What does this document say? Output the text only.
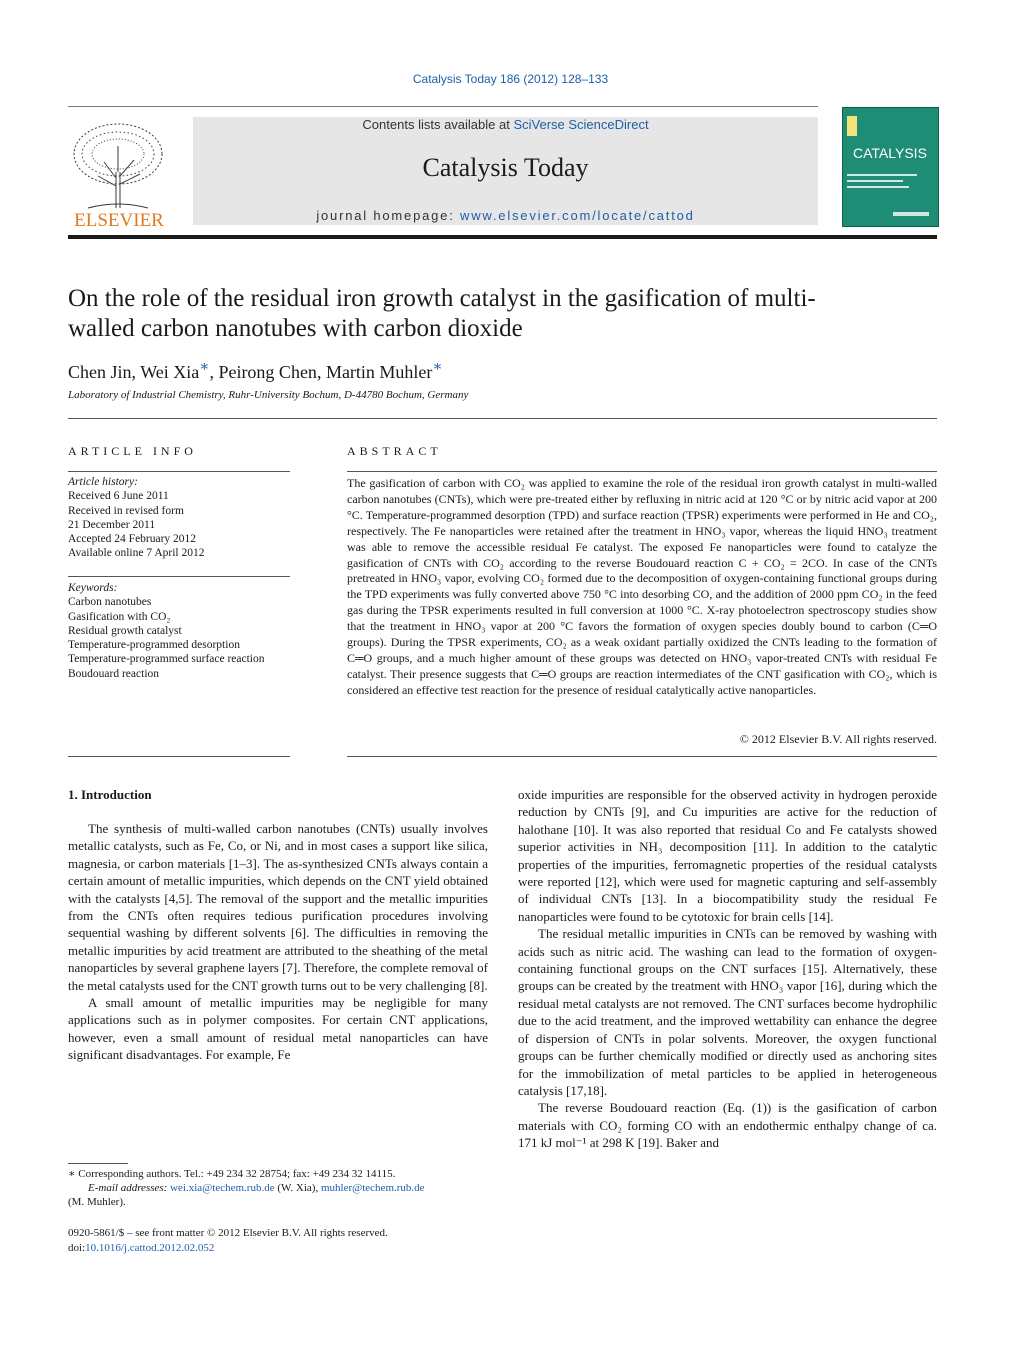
Catalysis Today 186 (2012) 128–133
ELSEVIER
Contents lists available at SciVerse ScienceDirect
Catalysis Today
journal homepage: www.elsevier.com/locate/cattod
CATALYSIS
On the role of the residual iron growth catalyst in the gasification of multi-walled carbon nanotubes with carbon dioxide
Chen Jin, Wei Xia∗, Peirong Chen, Martin Muhler∗
Laboratory of Industrial Chemistry, Ruhr-University Bochum, D-44780 Bochum, Germany
ARTICLE INFO
Article history:
Received 6 June 2011
Received in revised form
21 December 2011
Accepted 24 February 2012
Available online 7 April 2012
Keywords:
Carbon nanotubes
Gasification with CO₂
Residual growth catalyst
Temperature-programmed desorption
Temperature-programmed surface reaction
Boudouard reaction
ABSTRACT
The gasification of carbon with CO₂ was applied to examine the role of the residual iron growth catalyst in multi-walled carbon nanotubes (CNTs), which were pre-treated either by refluxing in nitric acid at 120 °C or by nitric acid vapor at 200 °C. Temperature-programmed desorption (TPD) and surface reaction (TPSR) experiments were performed in He and CO₂, respectively. The Fe nanoparticles were retained after the treatment in HNO₃ vapor, whereas the liquid HNO₃ treatment was able to remove the accessible residual Fe catalyst. The exposed Fe nanoparticles were found to catalyze the gasification of CNTs with CO₂ according to the reverse Boudouard reaction C + CO₂ = 2CO. In case of the CNTs pretreated in HNO₃ vapor, evolving CO₂ formed due to the decomposition of oxygen-containing functional groups during the TPD experiments was fully converted above 750 °C into desorbing CO, and the addition of 2000 ppm CO₂ in the feed gas during the TPSR experiments resulted in full conversion at 1000 °C. X-ray photoelectron spectroscopy studies show that the treatment in HNO₃ vapor at 200 °C favors the formation of oxygen species doubly bound to carbon (C═O groups). During the TPSR experiments, CO₂ as a weak oxidant partially oxidized the CNTs leading to the formation of C═O groups, and a much higher amount of these groups was detected on HNO₃ vapor-treated CNTs with residual Fe catalyst. Their presence suggests that C═O groups are reaction intermediates of the CNT gasification with CO₂, which is considered an effective test reaction for the presence of residual catalytically active nanoparticles.
© 2012 Elsevier B.V. All rights reserved.
1. Introduction

The synthesis of multi-walled carbon nanotubes (CNTs) usually involves metallic catalysts, such as Fe, Co, or Ni, and in most cases a support like silica, magnesia, or carbon materials [1–3]. The as-synthesized CNTs always contain a certain amount of metallic impurities, which depends on the CNT yield obtained with the catalysts [4,5]. The removal of the support and the metallic impurities from the CNTs often requires tedious purification procedures involving sequential washing by different solvents [6]. The difficulties in removing the metallic impurities by acid treatment are attributed to the sheathing of the metal nanoparticles by several graphene layers [7]. Therefore, the complete removal of the metal catalysts used for the CNT growth turns out to be very challenging [8].

A small amount of metallic impurities may be negligible for many applications such as in polymer composites. For certain CNT applications, however, even a small amount of residual metal nanoparticles can have significant disadvantages. For example, Fe

oxide impurities are responsible for the observed activity in hydrogen peroxide reduction by CNTs [9], and Cu impurities are active for the reduction of halothane [10]. It was also reported that residual Co and Fe catalysts showed superior activities in NH₃ decomposition [11]. In addition to the catalytic properties of the impurities, ferromagnetic properties of the residual catalysts were reported [12], which were used for magnetic capturing and self-assembly of individual CNTs [13]. In a biocompatibility study the residual Fe nanoparticles were found to be cytotoxic for brain cells [14].

The residual metallic impurities in CNTs can be removed by washing with acids such as nitric acid. The washing can lead to the formation of oxygen-containing functional groups on the CNT surfaces [15]. Alternatively, these groups can be created by the treatment with HNO₃ vapor [16], during which the residual metal catalysts are not removed. The CNT surfaces become hydrophilic due to the acid treatment, and the improved wettability can enhance the degree of dispersion of CNTs in polar solvents. Moreover, the oxygen functional groups can be further chemically modified or directly used as anchoring sites for the immobilization of metal particles to be applied in heterogeneous catalysis [17,18].

The reverse Boudouard reaction (Eq. (1)) is the gasification of carbon materials with CO₂ forming CO with an endothermic enthalpy change of ca. 171 kJ mol⁻¹ at 298 K [19]. Baker and

∗ Corresponding authors. Tel.: +49 234 32 28754; fax: +49 234 32 14115.
E-mail addresses: wei.xia@techem.rub.de (W. Xia), muhler@techem.rub.de
(M. Muhler).
0920-5861/$ – see front matter © 2012 Elsevier B.V. All rights reserved.
doi:10.1016/j.cattod.2012.02.052
